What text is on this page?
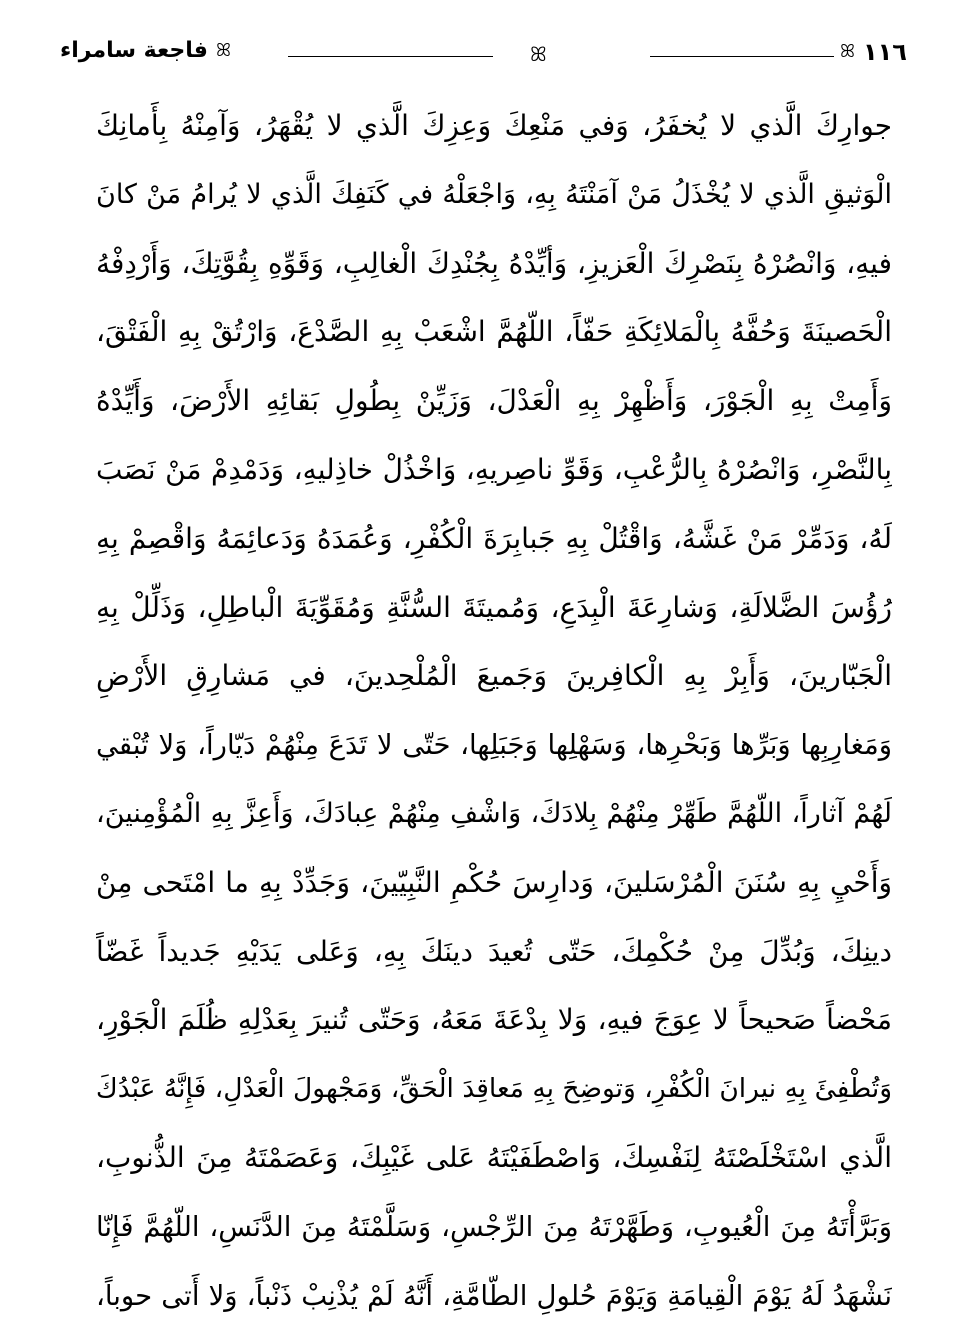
فاجعة سامراء ꕤ	ꕤ	ꕤ ١١٦
جوارِكَ الَّذي لا يُخفَرُ، وَفي مَنْعِكَ وَعِزِكَ الَّذي لا يُقْهَرُ، وَآمِنْهُ بِأَمانِكَ
الْوَثيقِ الَّذي لا يُخْذَلُ مَنْ آمَنْتَهُ بِهِ، وَاجْعَلْهُ في كَنَفِكَ الَّذي لا يُرامُ مَنْ كانَ
فيهِ، وَانْصُرْهُ بِنَصْرِكَ الْعَزيزِ، وَأيِّدْهُ بِجُنْدِكَ الْغالِبِ، وَقَوِّهِ بِقُوَّتِكَ، وَأَرْدِفْهُ
الْحَصينَةَ وَحُفَّهُ بِالْمَلائِكَةِ حَفّاً، اللّهُمَّ اشْعَبْ بِهِ الصَّدْعَ، وَارْتُقْ بِهِ الْفَتْقَ،
وَأَمِتْ بِهِ الْجَوْرَ، وَأَظْهِرْ بِهِ الْعَدْلَ، وَزَيِّنْ بِطُولِ بَقائِهِ الأَرْضَ، وَأَيِّدْهُ
بِالنَّصْرِ، وَانْصُرْهُ بِالرُّعْبِ، وَقَوِّ ناصِريهِ، وَاخْذُلْ خاذِليهِ، وَدَمْدِمْ مَنْ نَصَبَ
لَهُ، وَدَمِّرْ مَنْ غَشَّهُ، وَاقْتُلْ بِهِ جَبابِرَةَ الْكُفْرِ، وَعُمَدَهُ وَدَعائِمَهُ وَاقْصِمْ بِهِ
رُؤُسَ الضَّلالَةِ، وَشارِعَةَ الْبِدَعِ، وَمُميتَةَ السُّنَّةِ وَمُقَوِّيَةَ الْباطِلِ، وَذَلِّلْ بِهِ
الْجَبّارينَ، وَأَبِرْ بِهِ الْكافِرينَ وَجَميعَ الْمُلْحِدينَ، في مَشارِقِ الأَرْضِ
وَمَغارِبِها وَبَرِّها وَبَحْرِها، وَسَهْلِها وَجَبَلِها، حَتّى لا تَدَعَ مِنْهُمْ دَيّاراً، وَلا تُبْقي
لَهُمْ آثاراً، اللّهُمَّ طَهِّرْ مِنْهُمْ بِلادَكَ، وَاشْفِ مِنْهُمْ عِبادَكَ، وَأَعِزَّ بِهِ الْمُؤْمِنينَ،
وَأَحْيِ بِهِ سُنَنَ الْمُرْسَلينَ، وَدارِسَ حُكْمِ النَّبِيّينَ، وَجَدِّدْ بِهِ ما امْتَحى مِنْ
دينِكَ، وَبُدِّلَ مِنْ حُكْمِكَ، حَتّى تُعيدَ دينَكَ بِهِ، وَعَلى يَدَيْهِ جَديداً غَضّاً
مَحْضاً صَحيحاً لا عِوَجَ فيهِ، وَلا بِدْعَةَ مَعَهُ، وَحَتّى تُنيرَ بِعَدْلِهِ ظُلَمَ الْجَوْرِ،
وَتُطْفِئَ بِهِ نيرانَ الْكُفْرِ، وَتوضِحَ بِهِ مَعاقِدَ الْحَقِّ، وَمَجْهولَ الْعَدْلِ، فَإِنَّهُ عَبْدُكَ
الَّذي اسْتَخْلَصْتَهُ لِنَفْسِكَ، وَاصْطَفَيْتَهُ عَلى غَيْبِكَ، وَعَصَمْتَهُ مِنَ الذُّنوبِ،
وَبَرَّأْتَهُ مِنَ الْعُيوبِ، وَطَهَّرْتَهُ مِنَ الرِّجْسِ، وَسَلَّمْتَهُ مِنَ الدَّنَسِ، اللّهُمَّ فَإِنّا
نَشْهَدُ لَهُ يَوْمَ الْقِيامَةِ وَيَوْمَ حُلولِ الطّامَّةِ، أَنَّهُ لَمْ يُذْنِبْ ذَنْباً، وَلا أَتى حوباً،
